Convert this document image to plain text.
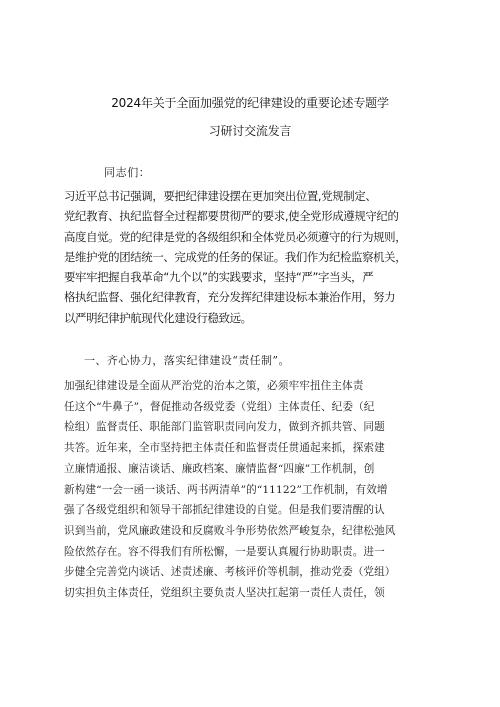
2024年关于全面加强党的纪律建设的重要论述专题学
习研讨交流发言
同志们：
习近平总书记强调，要把纪律建设摆在更加突出位置,党规制定、
党纪教育、执纪监督全过程都要贯彻严的要求,使全党形成遵规守纪的
高度自觉。党的纪律是党的各级组织和全体党员必须遵守的行为规则，
是维护党的团结统一、完成党的任务的保证。我们作为纪检监察机关，
要牢牢把握自我革命“九个以”的实践要求，坚持“严”字当头，严
格执纪监督、强化纪律教育，充分发挥纪律建设标本兼治作用，努力
以严明纪律护航现代化建设行稳致远。
一、齐心协力，落实纪律建设“责任制”。
加强纪律建设是全面从严治党的治本之策，必须牢牢扭住主体责
任这个“牛鼻子”，督促推动各级党委（党组）主体责任、纪委（纪
检组）监督责任、职能部门监管职责同向发力，做到齐抓共管、同题
共答。近年来，全市坚持把主体责任和监督责任贯通起来抓，探索建
立廉情通报、廉洁谈话、廉政档案、廉情监督“四廉”工作机制，创
新构建“一会一函一谈话、两书两清单”的“11122”工作机制，有效增
强了各级党组织和领导干部抓纪律建设的自觉。但是我们要清醒的认
识到当前，党风廉政建设和反腐败斗争形势依然严峻复杂，纪律松弛风
险依然存在。容不得我们有所松懈，一是要认真履行协助职责。进一
步健全完善党内谈话、述责述廉、考核评价等机制，推动党委（党组）
切实担负主体责任，党组织主要负责人坚决扛起第一责任人责任，领
